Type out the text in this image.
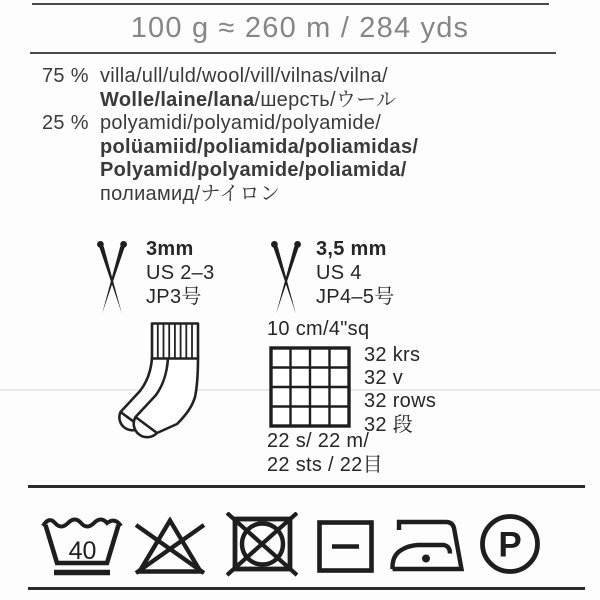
100 g ≈ 260 m / 284 yds
75 % villa/ull/uld/wool/vill/vilnas/vilna/
Wolle/laine/lana/шерсть/ウール
25 % polyamidi/polyamid/polyamide/
polüamiid/poliamida/poliamidas/
Polyamid/polyamide/poliamida/
полиамид/ナイロン
3mm
US 2–3
JP3号
3,5 mm
US 4
JP4–5号
10 cm/4"sq
32 krs
32 v
32 rows
32 段
22 s/ 22 m/
22 sts / 22目
40	P
